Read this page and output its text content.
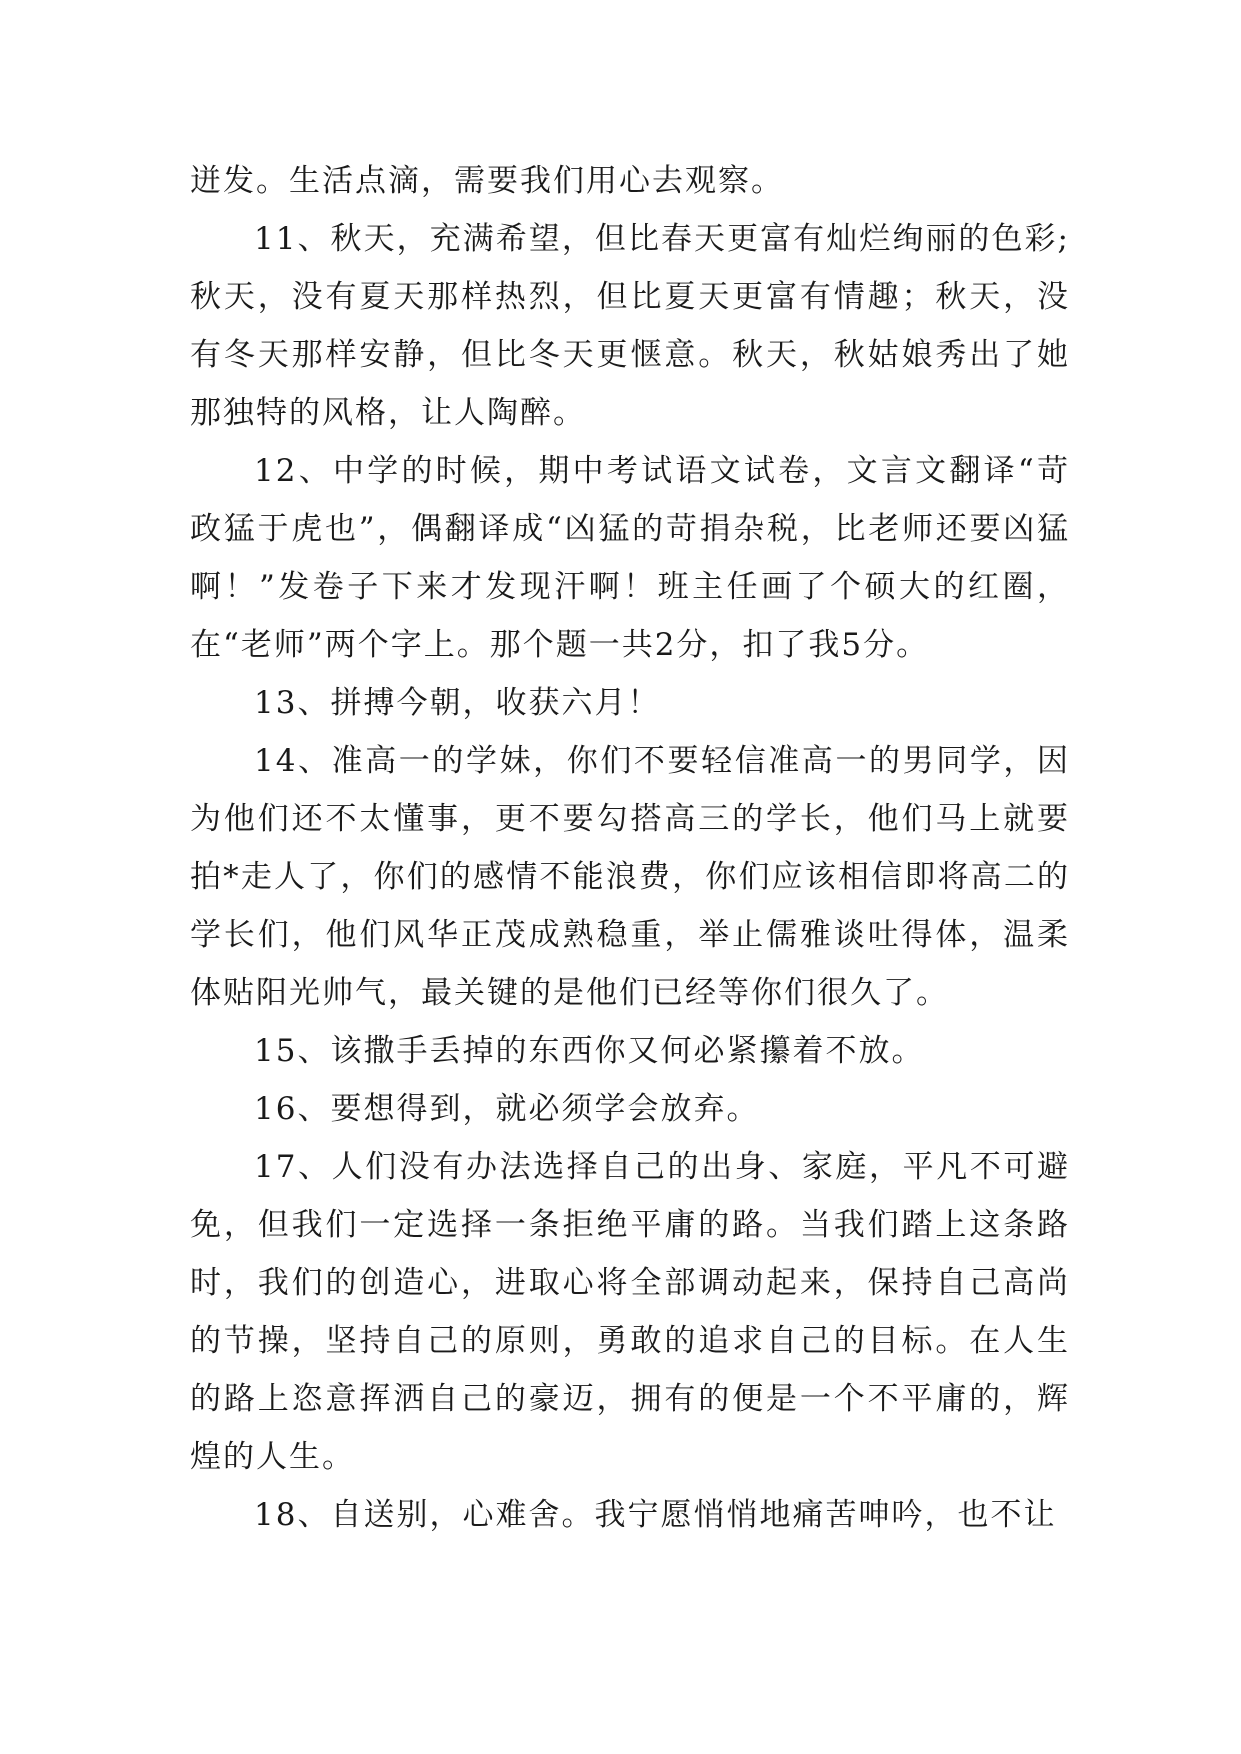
迸发。生活点滴，需要我们用心去观察。

11、秋天，充满希望，但比春天更富有灿烂绚丽的色彩;秋天，没有夏天那样热烈，但比夏天更富有情趣；秋天，没有冬天那样安静，但比冬天更惬意。秋天，秋姑娘秀出了她那独特的风格，让人陶醉。

12、中学的时候，期中考试语文试卷，文言文翻译“苛政猛于虎也”，偶翻译成“凶猛的苛捐杂税，比老师还要凶猛啊！”发卷子下来才发现汗啊！班主任画了个硕大的红圈，在“老师”两个字上。那个题一共2分，扣了我5分。

13、拼搏今朝，收获六月！

14、准高一的学妹，你们不要轻信准高一的男同学，因为他们还不太懂事，更不要勾搭高三的学长，他们马上就要拍*走人了，你们的感情不能浪费，你们应该相信即将高二的学长们，他们风华正茂成熟稳重，举止儒雅谈吐得体，温柔体贴阳光帅气，最关键的是他们已经等你们很久了。

15、该撒手丢掉的东西你又何必紧攥着不放。

16、要想得到，就必须学会放弃。

17、人们没有办法选择自己的出身、家庭，平凡不可避免，但我们一定选择一条拒绝平庸的路。当我们踏上这条路时，我们的创造心，进取心将全部调动起来，保持自己高尚的节操，坚持自己的原则，勇敢的追求自己的目标。在人生的路上恣意挥洒自己的豪迈，拥有的便是一个不平庸的，辉煌的人生。

18、自送别，心难舍。我宁愿悄悄地痛苦呻吟，也不让
